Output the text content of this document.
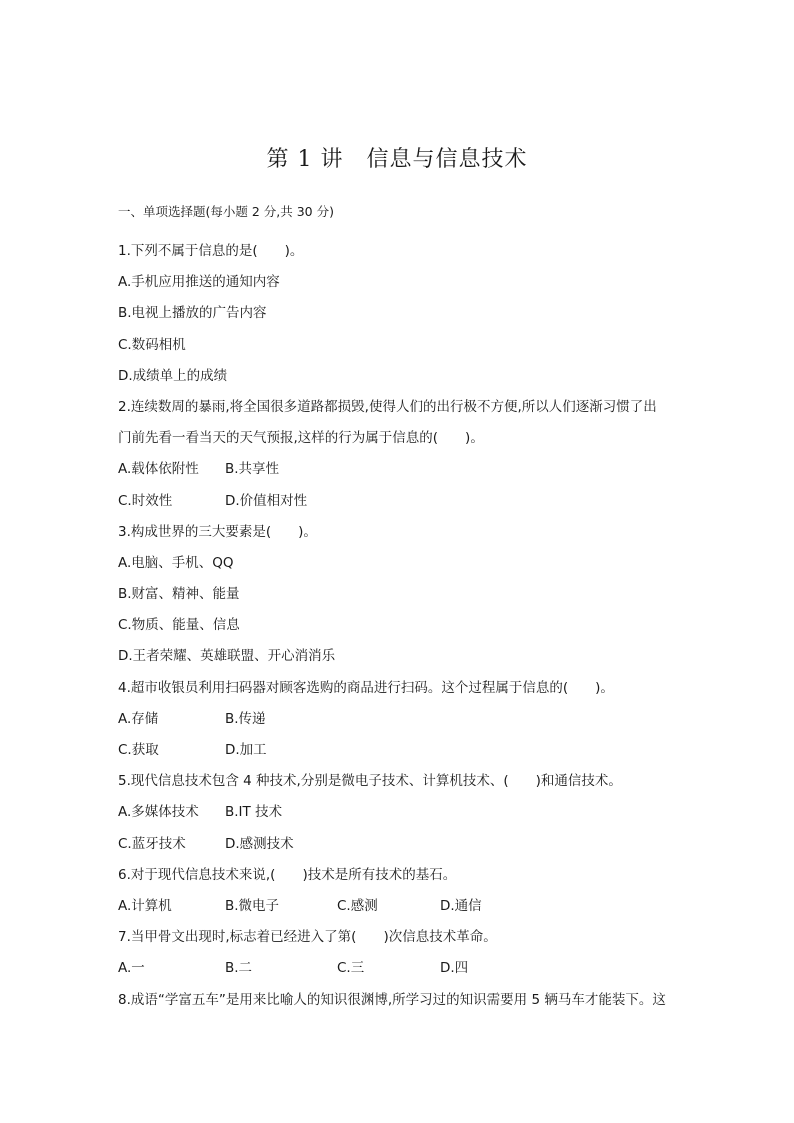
第 1 讲　信息与信息技术
一、单项选择题(每小题 2 分,共 30 分)
1.下列不属于信息的是(　　)。
A.手机应用推送的通知内容
B.电视上播放的广告内容
C.数码相机
D.成绩单上的成绩
2.连续数周的暴雨,将全国很多道路都损毁,使得人们的出行极不方便,所以人们逐渐习惯了出
门前先看一看当天的天气预报,这样的行为属于信息的(　　)。
A.载体依附性	B.共享性
C.时效性	D.价值相对性
3.构成世界的三大要素是(　　)。
A.电脑、手机、QQ
B.财富、精神、能量
C.物质、能量、信息
D.王者荣耀、英雄联盟、开心消消乐
4.超市收银员利用扫码器对顾客选购的商品进行扫码。这个过程属于信息的(　　)。
A.存储	B.传递
C.获取	D.加工
5.现代信息技术包含 4 种技术,分别是微电子技术、计算机技术、(　　)和通信技术。
A.多媒体技术	B.IT 技术
C.蓝牙技术	D.感测技术
6.对于现代信息技术来说,(　　)技术是所有技术的基石。
A.计算机	B.微电子	C.感测	D.通信
7.当甲骨文出现时,标志着已经进入了第(　　)次信息技术革命。
A.一	B.二	C.三	D.四
8.成语“学富五车”是用来比喻人的知识很渊博,所学习过的知识需要用 5 辆马车才能装下。这
